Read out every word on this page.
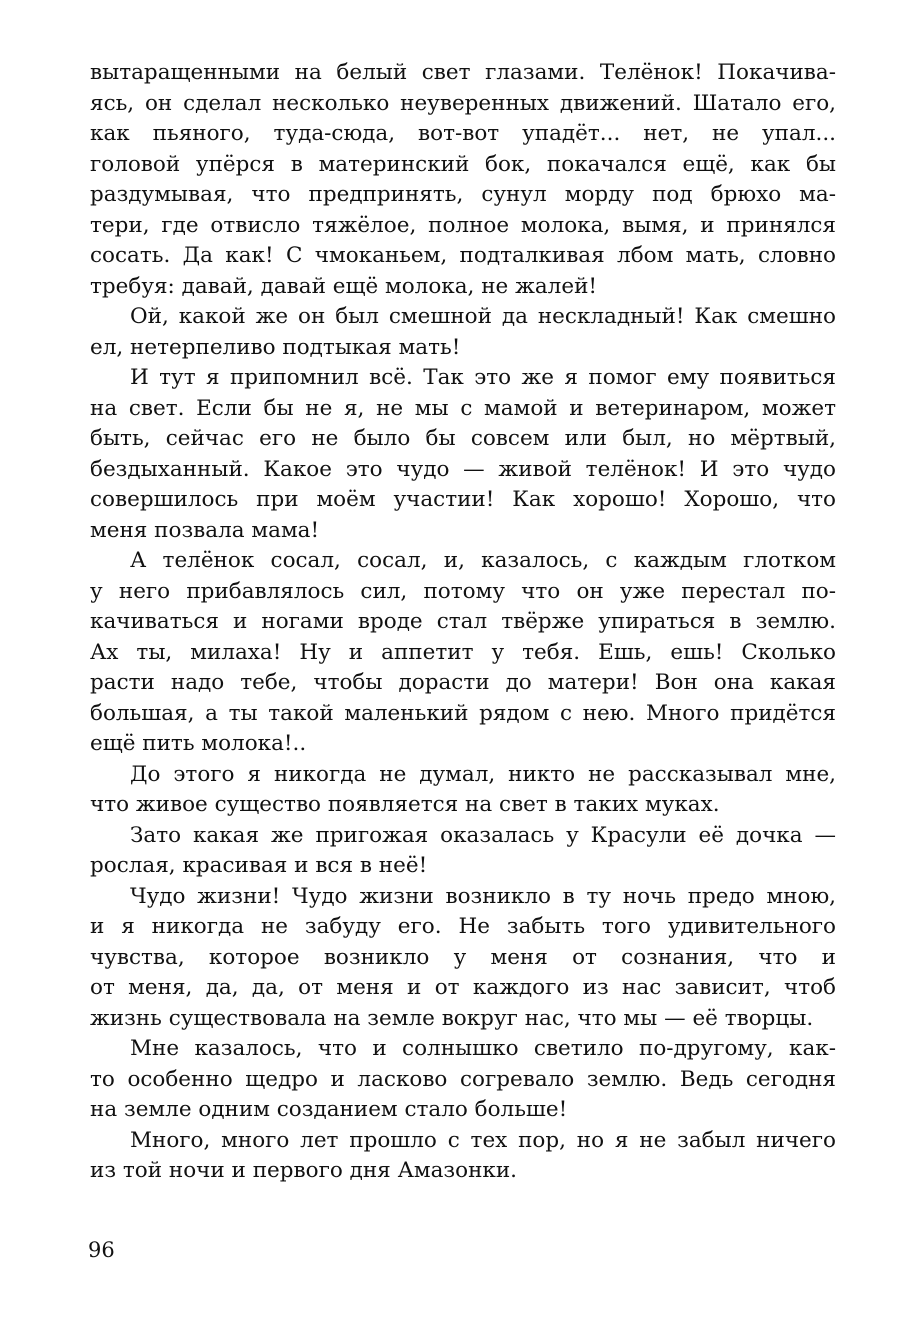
вытаращенными на белый свет глазами. Телёнок! Покачива-
ясь, он сделал несколько неуверенных движений. Шатало его,
как пьяного, туда-сюда, вот-вот упадёт... нет, не упал...
головой упёрся в материнский бок, покачался ещё, как бы
раздумывая, что предпринять, сунул морду под брюхо ма-
тери, где отвисло тяжёлое, полное молока, вымя, и принялся
сосать. Да как! С чмоканьем, подталкивая лбом мать, словно
требуя: давай, давай ещё молока, не жалей!
Ой, какой же он был смешной да нескладный! Как смешно
ел, нетерпеливо подтыкая мать!
И тут я припомнил всё. Так это же я помог ему появиться
на свет. Если бы не я, не мы с мамой и ветеринаром, может
быть, сейчас его не было бы совсем или был, но мёртвый,
бездыханный. Какое это чудо — живой телёнок! И это чудо
совершилось при моём участии! Как хорошо! Хорошо, что
меня позвала мама!
А телёнок сосал, сосал, и, казалось, с каждым глотком
у него прибавлялось сил, потому что он уже перестал по-
качиваться и ногами вроде стал твёрже упираться в землю.
Ах ты, милаха! Ну и аппетит у тебя. Ешь, ешь! Сколько
расти надо тебе, чтобы дорасти до матери! Вон она какая
большая, а ты такой маленький рядом с нею. Много придётся
ещё пить молока!..
До этого я никогда не думал, никто не рассказывал мне,
что живое существо появляется на свет в таких муках.
Зато какая же пригожая оказалась у Красули её дочка —
рослая, красивая и вся в неё!
Чудо жизни! Чудо жизни возникло в ту ночь предо мною,
и я никогда не забуду его. Не забыть того удивительного
чувства, которое возникло у меня от сознания, что и
от меня, да, да, от меня и от каждого из нас зависит, чтоб
жизнь существовала на земле вокруг нас, что мы — её творцы.
Мне казалось, что и солнышко светило по-другому, как-
то особенно щедро и ласково согревало землю. Ведь сегодня
на земле одним созданием стало больше!
Много, много лет прошло с тех пор, но я не забыл ничего
из той ночи и первого дня Амазонки.
96
